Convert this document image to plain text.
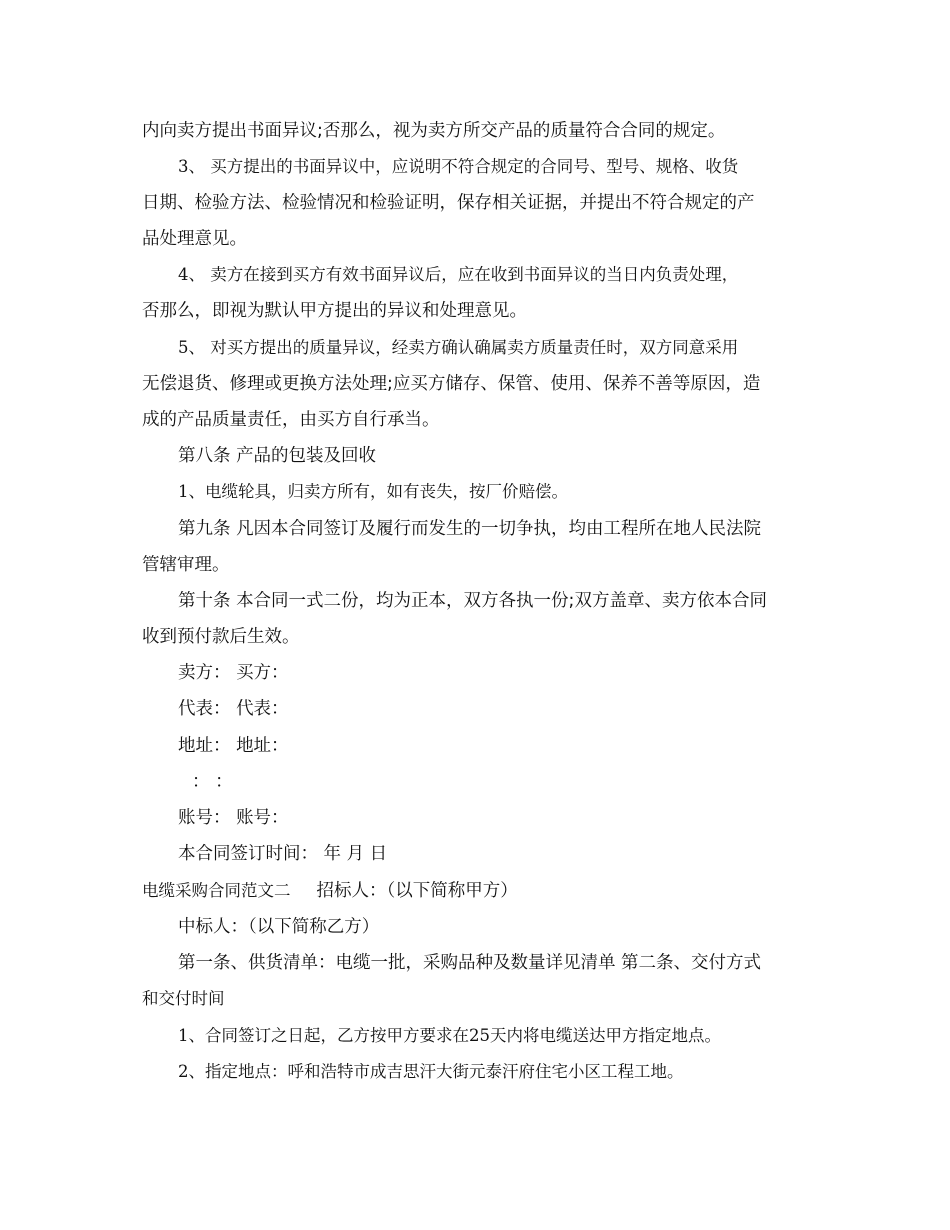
内向卖方提出书面异议;否那么，视为卖方所交产品的质量符合合同的规定。
3、 买方提出的书面异议中，应说明不符合规定的合同号、型号、规格、收货
日期、检验方法、检验情况和检验证明，保存相关证据，并提出不符合规定的产
品处理意见。
4、 卖方在接到买方有效书面异议后，应在收到书面异议的当日内负责处理，
否那么，即视为默认甲方提出的异议和处理意见。
5、 对买方提出的质量异议，经卖方确认确属卖方质量责任时，双方同意采用
无偿退货、修理或更换方法处理;应买方储存、保管、使用、保养不善等原因，造
成的产品质量责任，由买方自行承当。
第八条 产品的包装及回收
1、电缆轮具，归卖方所有，如有丧失，按厂价赔偿。
第九条 凡因本合同签订及履行而发生的一切争执，均由工程所在地人民法院
管辖审理。
第十条 本合同一式二份，均为正本，双方各执一份;双方盖章、卖方依本合同
收到预付款后生效。
卖方： 买方：
代表： 代表：
地址： 地址：
： ：
账号： 账号：
本合同签订时间： 年 月 日
电缆采购合同范文二 招标人：（以下简称甲方）
中标人：（以下简称乙方）
第一条、供货清单：电缆一批，采购品种及数量详见清单 第二条、交付方式
和交付时间
1、合同签订之日起，乙方按甲方要求在25天内将电缆送达甲方指定地点。
2、指定地点：呼和浩特市成吉思汗大街元泰汗府住宅小区工程工地。
